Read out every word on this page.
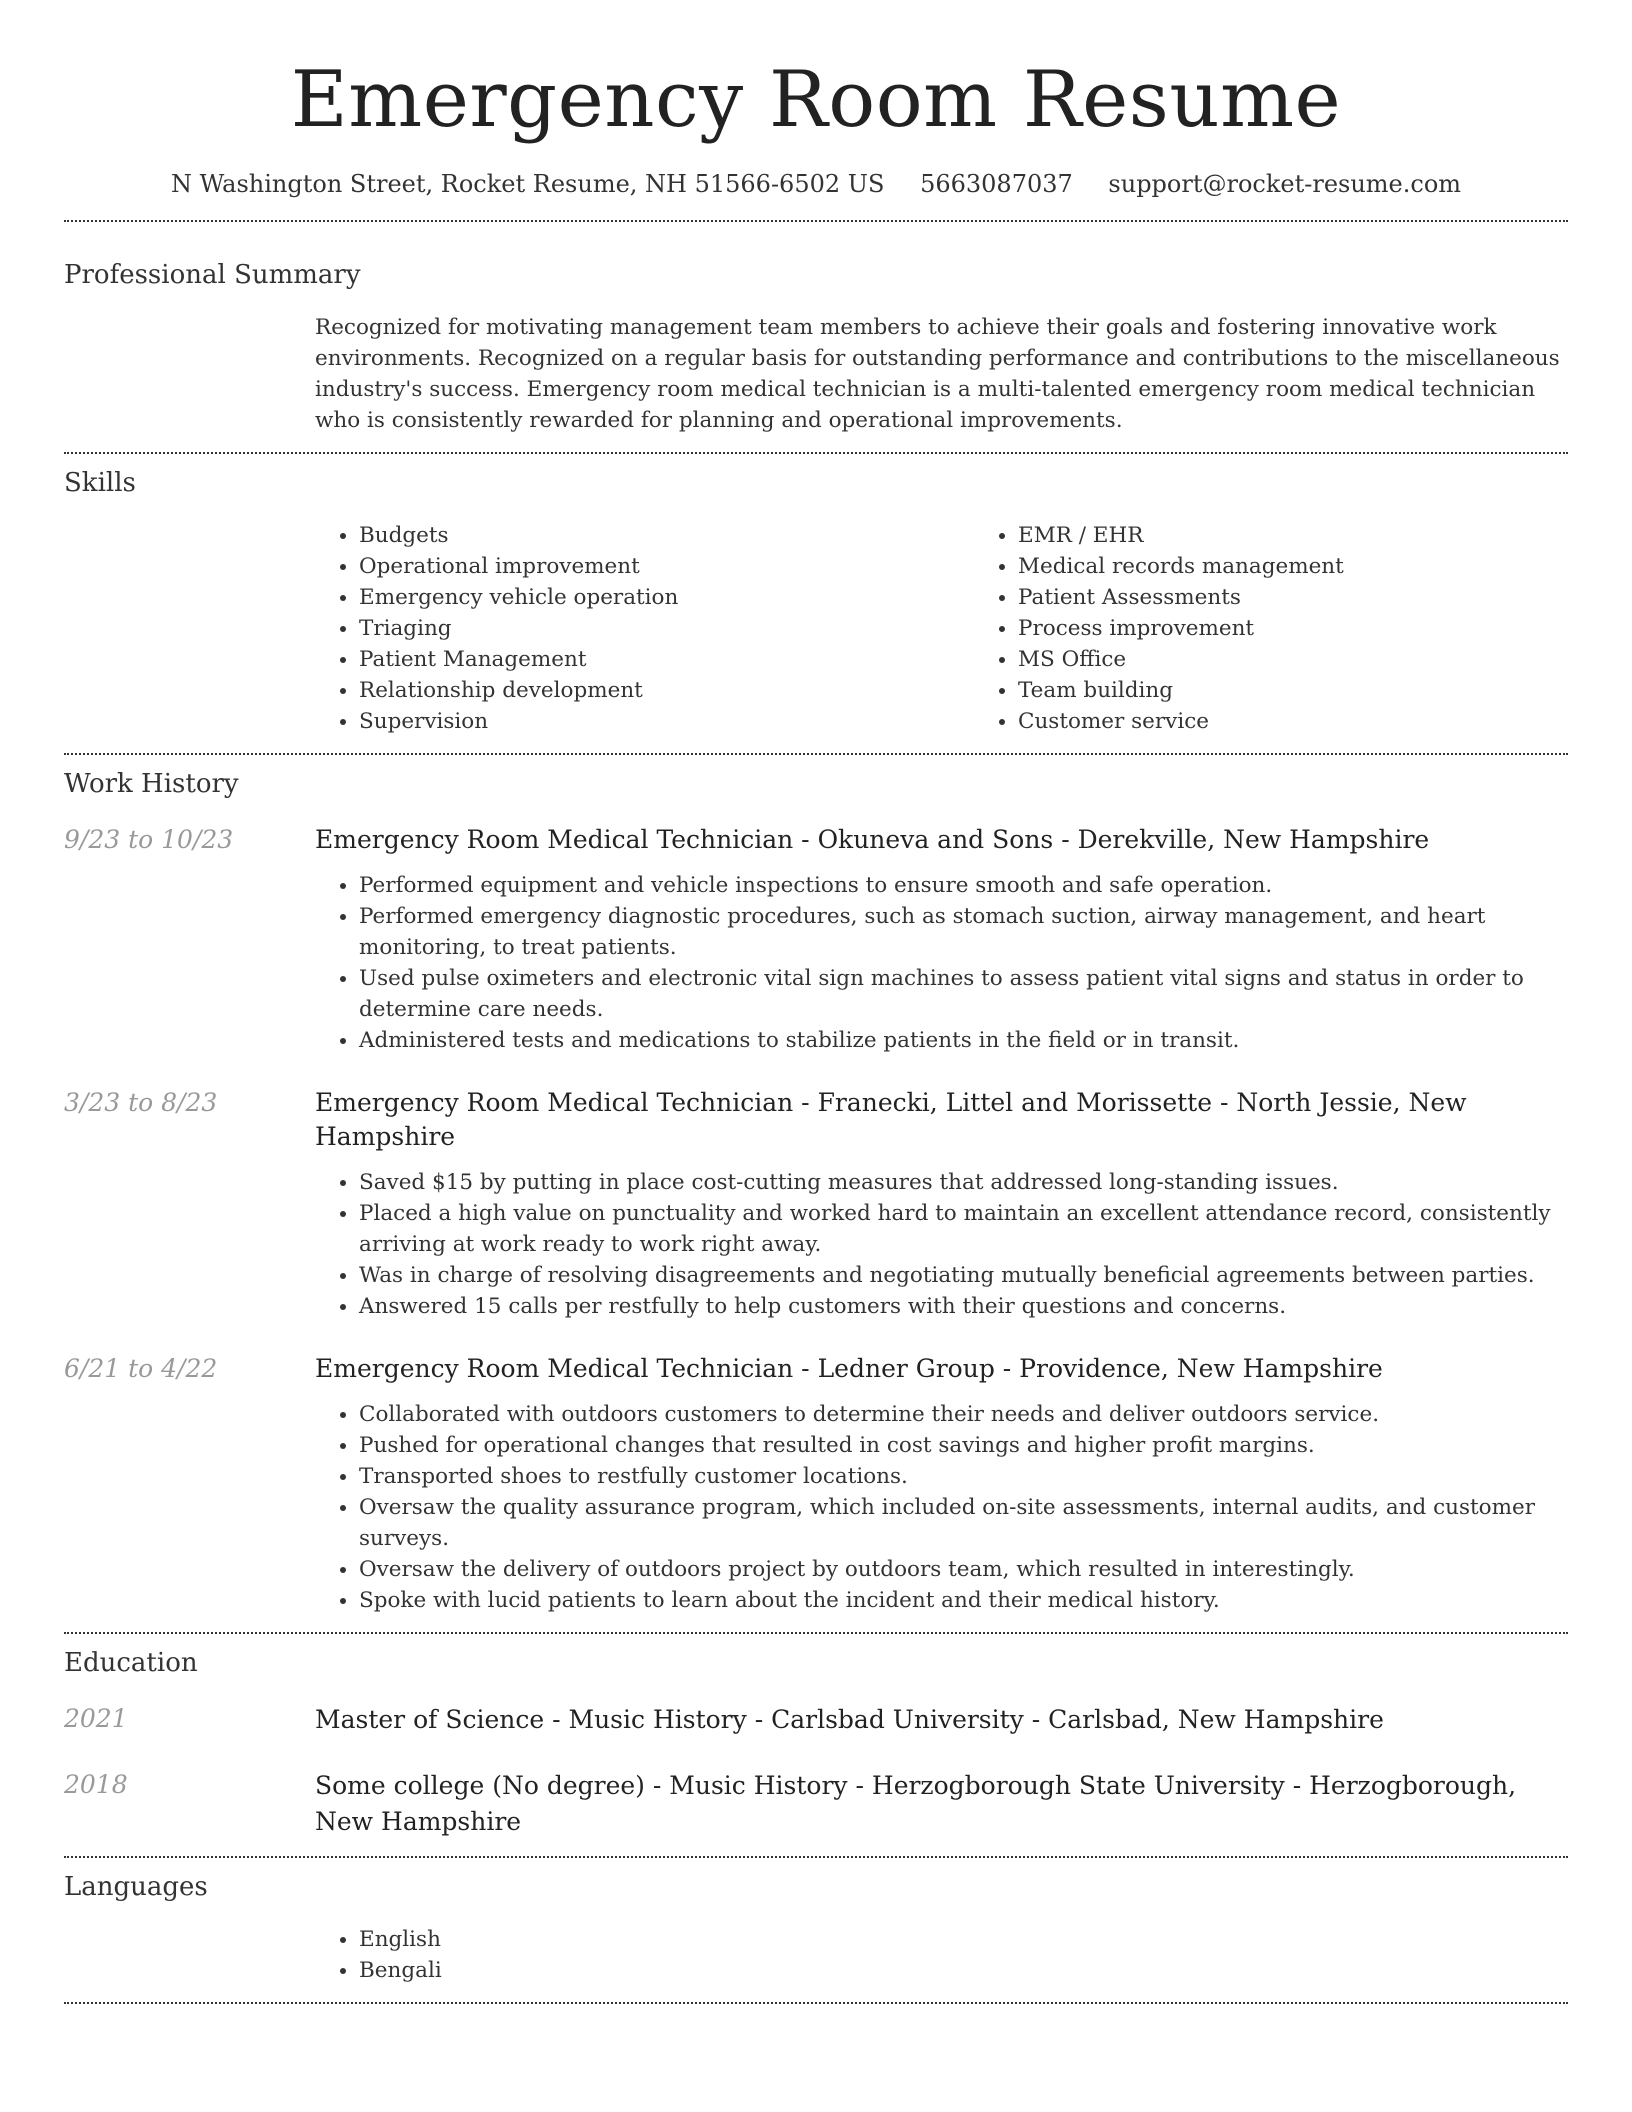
Emergency Room Resume
N Washington Street, Rocket Resume, NH 51566-6502 US 5663087037 support@rocket-resume.com
Professional Summary

Recognized for motivating management team members to achieve their goals and fostering innovative work environments. Recognized on a regular basis for outstanding performance and contributions to the miscellaneous industry's success. Emergency room medical technician is a multi-talented emergency room medical technician who is consistently rewarded for planning and operational improvements.

Skills
• Budgets
• Operational improvement
• Emergency vehicle operation
• Triaging
• Patient Management
• Relationship development
• Supervision
• EMR / EHR
• Medical records management
• Patient Assessments
• Process improvement
• MS Office
• Team building
• Customer service
Work History
9/23 to 10/23	Emergency Room Medical Technician - Okuneva and Sons - Derekville, New Hampshire
• Performed equipment and vehicle inspections to ensure smooth and safe operation.
• Performed emergency diagnostic procedures, such as stomach suction, airway management, and heart monitoring, to treat patients.
• Used pulse oximeters and electronic vital sign machines to assess patient vital signs and status in order to determine care needs.
• Administered tests and medications to stabilize patients in the field or in transit.
3/23 to 8/23	Emergency Room Medical Technician - Franecki, Littel and Morissette - North Jessie, New Hampshire
• Saved $15 by putting in place cost-cutting measures that addressed long-standing issues.
• Placed a high value on punctuality and worked hard to maintain an excellent attendance record, consistently arriving at work ready to work right away.
• Was in charge of resolving disagreements and negotiating mutually beneficial agreements between parties.
• Answered 15 calls per restfully to help customers with their questions and concerns.
6/21 to 4/22	Emergency Room Medical Technician - Ledner Group - Providence, New Hampshire
• Collaborated with outdoors customers to determine their needs and deliver outdoors service.
• Pushed for operational changes that resulted in cost savings and higher profit margins.
• Transported shoes to restfully customer locations.
• Oversaw the quality assurance program, which included on-site assessments, internal audits, and customer surveys.
• Oversaw the delivery of outdoors project by outdoors team, which resulted in interestingly.
• Spoke with lucid patients to learn about the incident and their medical history.
Education
2021	Master of Science - Music History - Carlsbad University - Carlsbad, New Hampshire
2018	Some college (No degree) - Music History - Herzogborough State University - Herzogborough, New Hampshire
Languages
• English
• Bengali
